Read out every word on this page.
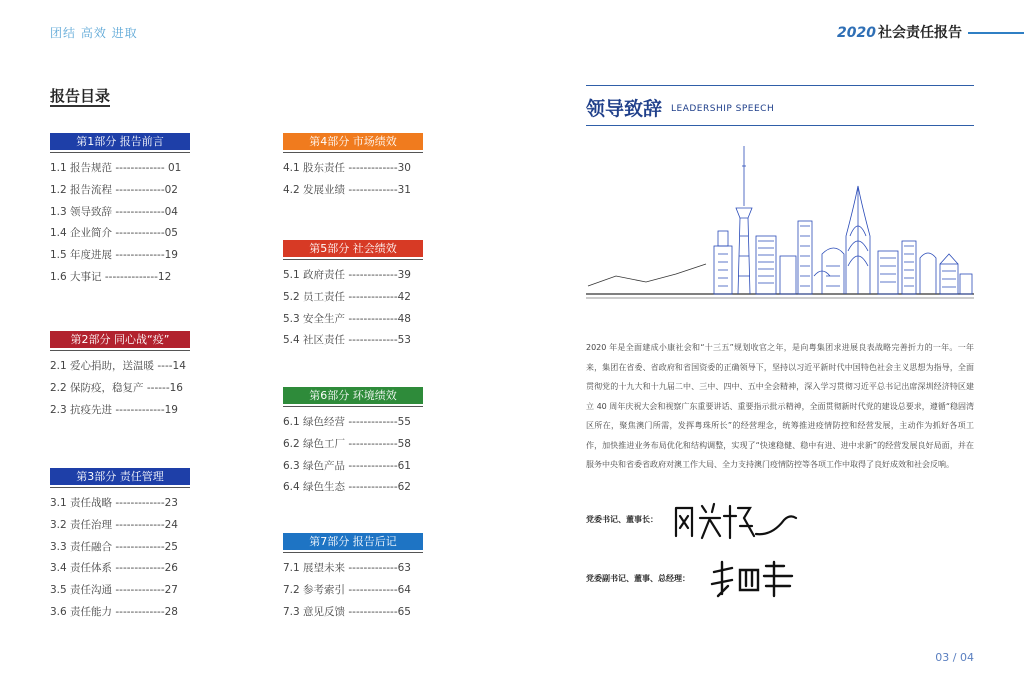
团结 高效 进取	2020 社会责任报告
报告目录
第1部分 报告前言
1.1 报告规范 ------------- 01
1.2 报告流程 -------------02
1.3 领导致辞 -------------04
1.4 企业简介 -------------05
1.5 年度进展 -------------19
1.6 大事记 --------------12
第2部分 同心战“疫”
2.1 爱心捐助，送温暖 ----14
2.2 保防疫，稳复产 ------16
2.3 抗疫先进 -------------19
第3部分 责任管理
3.1 责任战略 -------------23
3.2 责任治理 -------------24
3.3 责任融合 -------------25
3.4 责任体系 -------------26
3.5 责任沟通 -------------27
3.6 责任能力 -------------28
第4部分 市场绩效
4.1 股东责任 -------------30
4.2 发展业绩 -------------31
第5部分 社会绩效
5.1 政府责任 -------------39
5.2 员工责任 -------------42
5.3 安全生产 -------------48
5.4 社区责任 -------------53
第6部分 环境绩效
6.1 绿色经营 -------------55
6.2 绿色工厂 -------------58
6.3 绿色产品 -------------61
6.4 绿色生态 -------------62
第7部分 报告后记
7.1 展望未来 -------------63
7.2 参考索引 -------------64
7.3 意见反馈 -------------65
领导致辞 LEADERSHIP SPEECH
2020 年是全面建成小康社会和“十三五”规划收官之年，是向粤集团求进展良表战略完善折力的一年。一年来，集团在省委、省政府和省国资委的正确领导下，坚持以习近平新时代中国特色社会主义思想为指导，全面贯彻党的十九大和十九届二中、三中、四中、五中全会精神，深入学习贯彻习近平总书记出席深圳经济特区建立 40 周年庆祝大会和视察广东重要讲话、重要指示批示精神，全面贯彻新时代党的建设总要求，遵循“稳固湾区所在，聚焦澳门所需，发挥粤珠所长”的经营理念，统筹推进疫情防控和经营发展，主动作为抓好各项工作，加快推进业务布局优化和结构调整，实现了“快速稳健、稳中有进、进中求新”的经营发展良好局面，并在服务中央和省委省政府对澳工作大局、全力支持澳门疫情防控等各项工作中取得了良好成效和社会反响。
党委书记、董事长：
党委副书记、董事、总经理：
03 / 04
